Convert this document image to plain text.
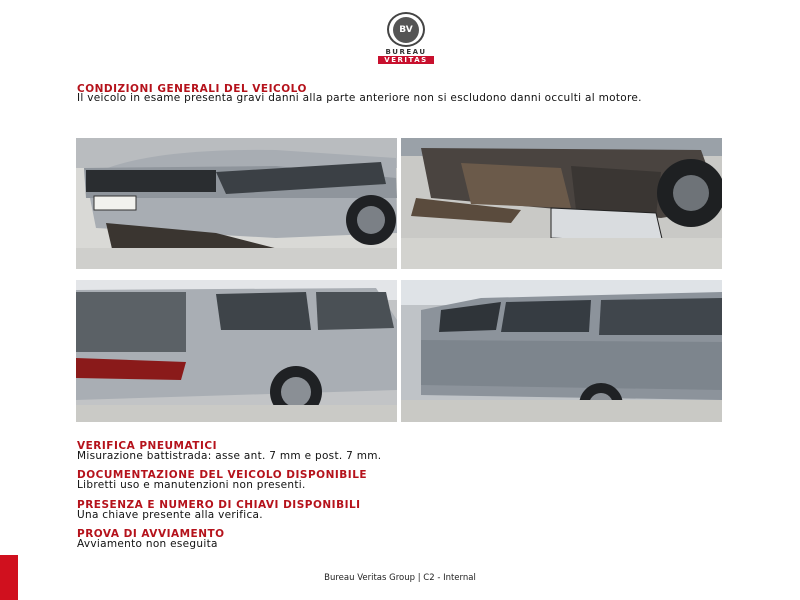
BV
BUREAU
VERITAS
CONDIZIONI GENERALI DEL VEICOLO
Il veicolo in esame presenta gravi danni alla parte anteriore non si escludono danni occulti al motore.
VERIFICA PNEUMATICI
Misurazione battistrada: asse ant. 7 mm e post. 7 mm.
DOCUMENTAZIONE DEL VEICOLO DISPONIBILE
Libretti uso e manutenzioni non presenti.
PRESENZA E NUMERO DI CHIAVI DISPONIBILI
Una chiave presente alla verifica.
PROVA DI AVVIAMENTO
Avviamento non eseguita
Bureau Veritas Group | C2 - Internal
